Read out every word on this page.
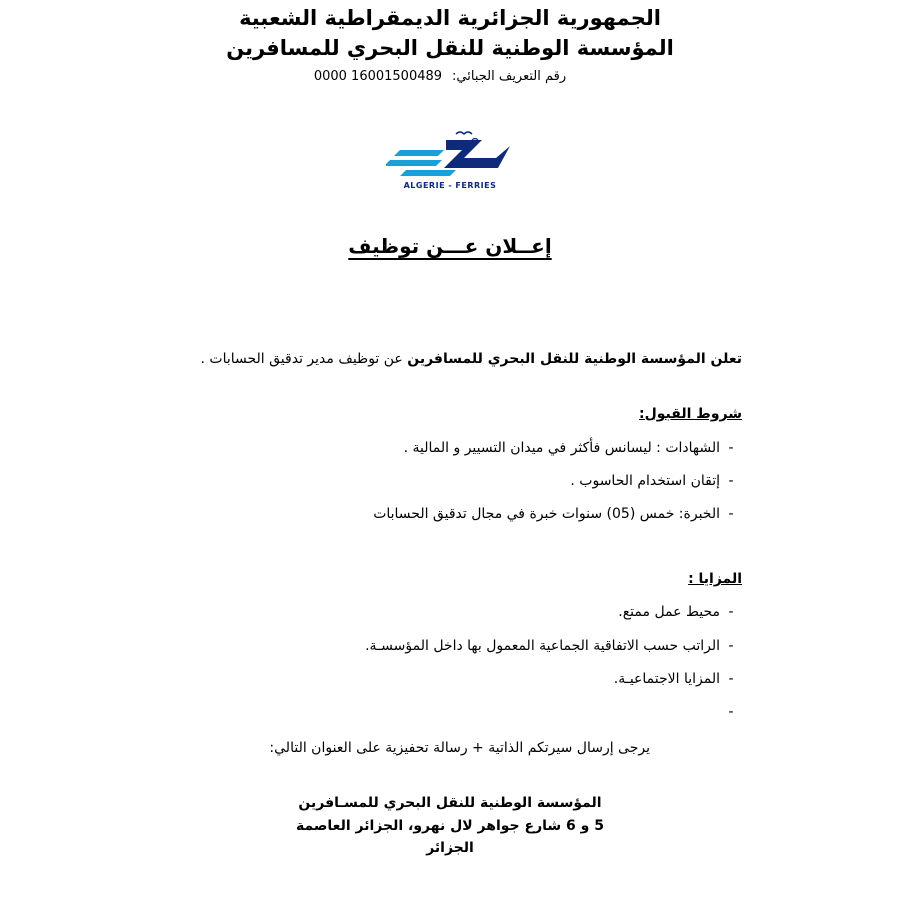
الجمهورية الجزائرية الديمقراطية الشعبية
المؤسسة الوطنية للنقل البحري للمسافرين
رقم التعريف الجبائي:
0000 16001500489
ALGERIE - FERRIES
إعــلان عـــن توظيف
تعلن المؤسسة الوطنية للنقل البحري للمسافرين عن توظيف مدير تدقيق الحسابات .
شروط القبول:
-
الشهادات : ليسانس فأكثر في ميدان التسيير و المالية .
-
إتقان استخدام الحاسوب .
-
الخبرة: خمس (05) سنوات خبرة في مجال تدقيق الحسابات
المزايا :
-
محيط عمل ممتع.
-
الراتب حسب الاتفاقية الجماعية المعمول بها داخل المؤسسـة.
-
المزايا الاجتماعيـة.
-
يرجى إرسال سيرتكم الذاتية + رسالة تحفيزية على العنوان التالي:
المؤسسة الوطنية للنقل البحري للمسـافرين
5 و 6 شارع جواهر لال نهرو، الجزائر العاصمة
الجزائر
